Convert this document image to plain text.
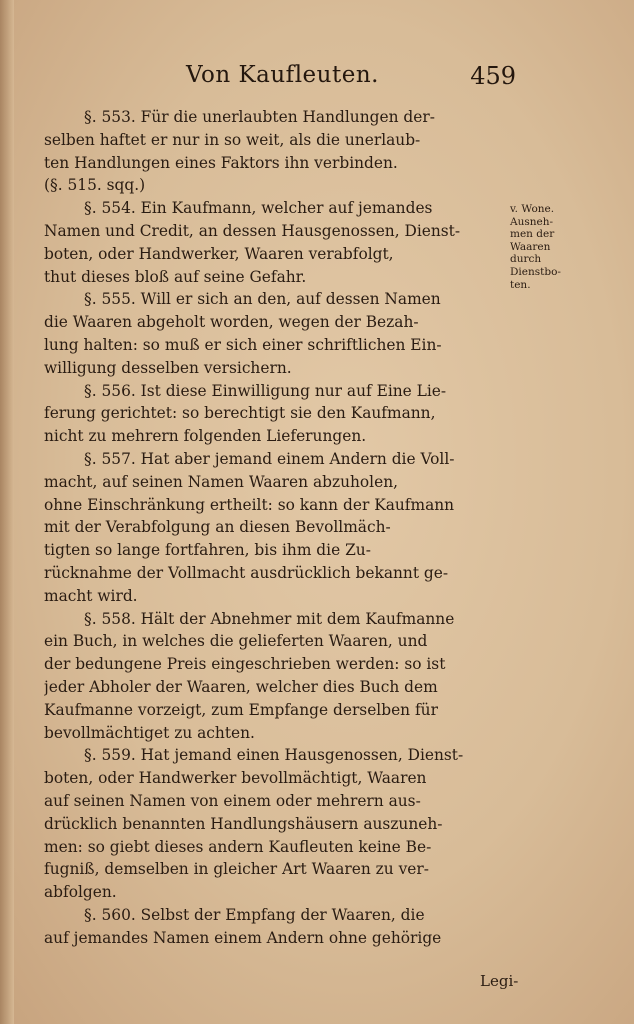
Von Kaufleuten.	459
§. 553. Für die unerlaubten Handlungen der-
selben haftet er nur in so weit, als die unerlaub-
ten Handlungen eines Faktors ihn verbinden.
(§. 515. sqq.)
§. 554. Ein Kaufmann, welcher auf jemandes
Namen und Credit, an dessen Hausgenossen, Dienst-
boten, oder Handwerker, Waaren verabfolgt,
thut dieses bloß auf seine Gefahr.
§. 555. Will er sich an den, auf dessen Namen
die Waaren abgeholt worden, wegen der Bezah-
lung halten: so muß er sich einer schriftlichen Ein-
willigung desselben versichern.
§. 556. Ist diese Einwilligung nur auf Eine Lie-
ferung gerichtet: so berechtigt sie den Kaufmann,
nicht zu mehrern folgenden Lieferungen.
§. 557. Hat aber jemand einem Andern die Voll-
macht, auf seinen Namen Waaren abzuholen,
ohne Einschränkung ertheilt: so kann der Kaufmann
mit der Verabfolgung an diesen Bevollmäch-
tigten so lange fortfahren, bis ihm die Zu-
rücknahme der Vollmacht ausdrücklich bekannt ge-
macht wird.
§. 558. Hält der Abnehmer mit dem Kaufmanne
ein Buch, in welches die gelieferten Waaren, und
der bedungene Preis eingeschrieben werden: so ist
jeder Abholer der Waaren, welcher dies Buch dem
Kaufmanne vorzeigt, zum Empfange derselben für
bevollmächtiget zu achten.
§. 559. Hat jemand einen Hausgenossen, Dienst-
boten, oder Handwerker bevollmächtigt, Waaren
auf seinen Namen von einem oder mehrern aus-
drücklich benannten Handlungshäusern auszuneh-
men: so giebt dieses andern Kaufleuten keine Be-
fugniß, demselben in gleicher Art Waaren zu ver-
abfolgen.
§. 560. Selbst der Empfang der Waaren, die
auf jemandes Namen einem Andern ohne gehörige
v. Wone.
Ausneh-
men der
Waaren
durch
Dienstbo-
ten.
Legi-
